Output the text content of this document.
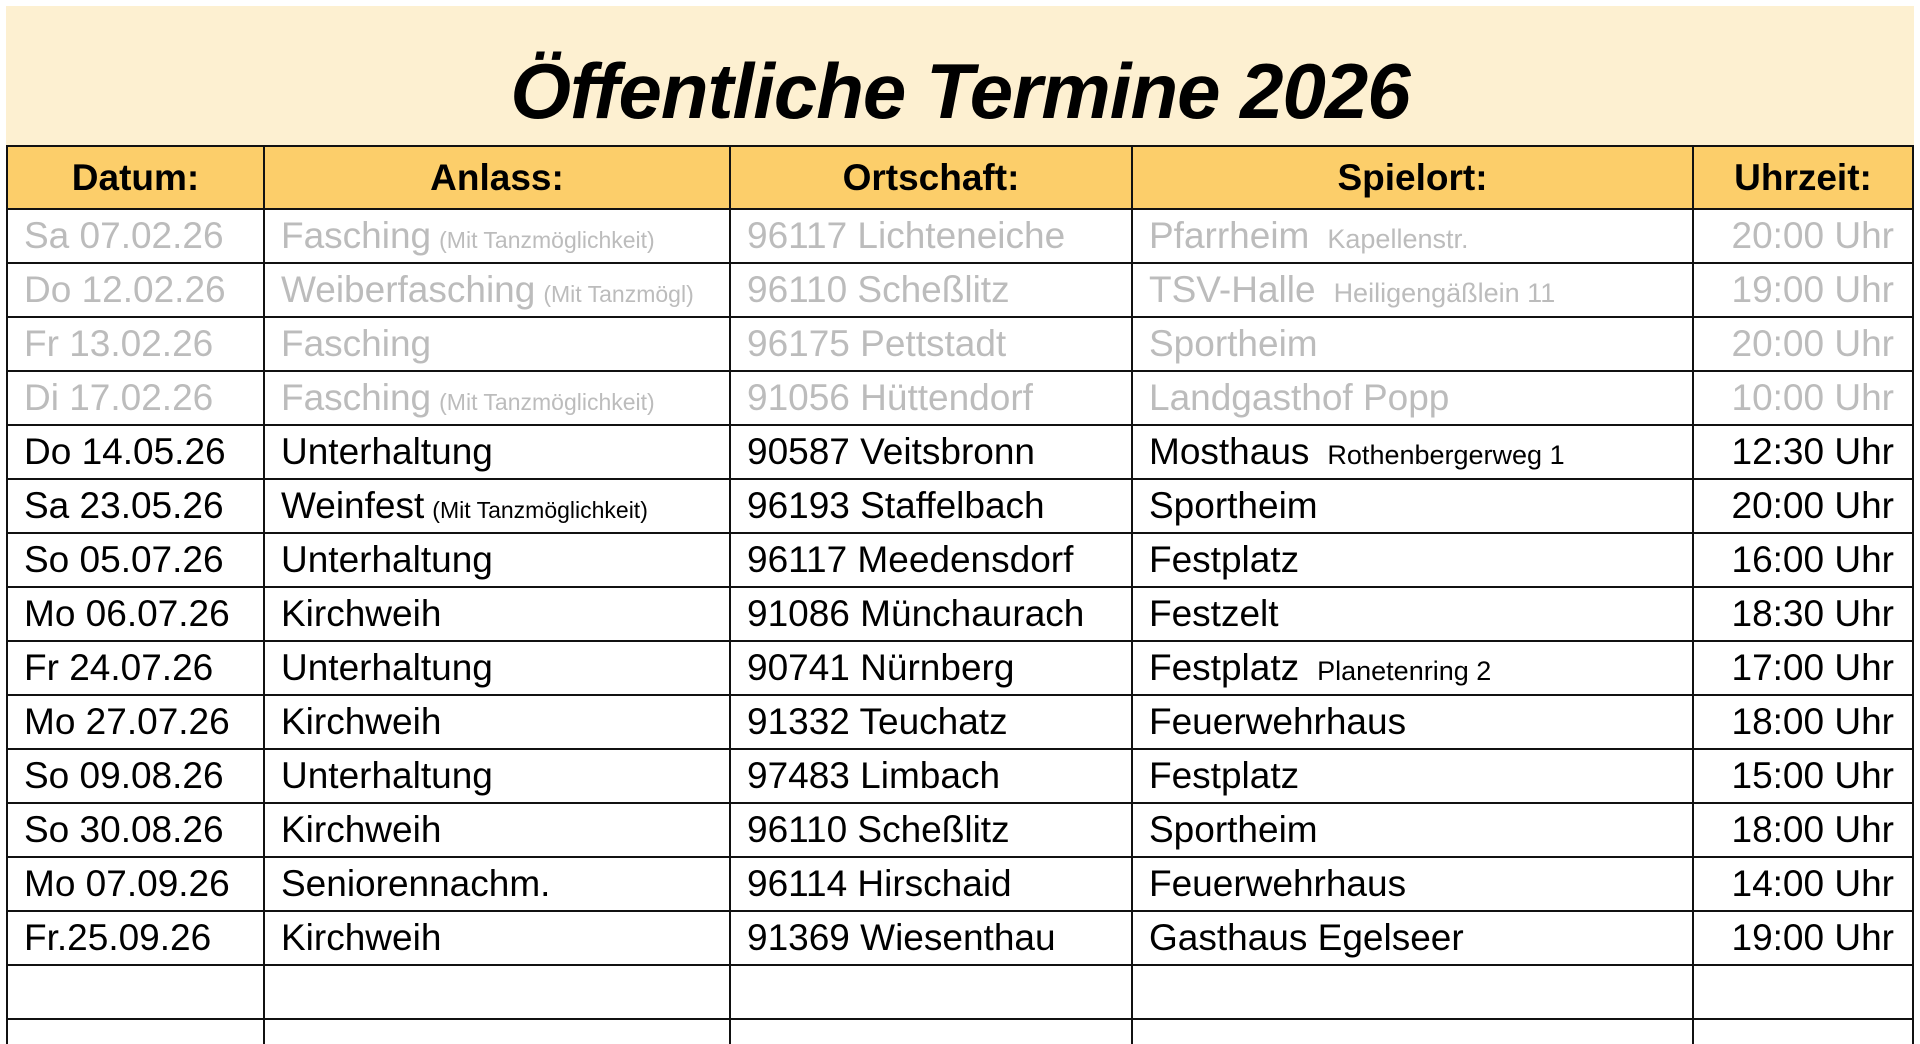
Öffentliche Termine 2026
Datum:	Anlass:	Ortschaft:	Spielort:	Uhrzeit:
Sa 07.02.26	Fasching (Mit Tanzmöglichkeit)	96117 Lichteneiche	Pfarrheim Kapellenstr.	20:00 Uhr
Do 12.02.26	Weiberfasching (Mit Tanzmögl)	96110 Scheßlitz	TSV-Halle Heiligengäßlein 11	19:00 Uhr
Fr 13.02.26	Fasching	96175 Pettstadt	Sportheim	20:00 Uhr
Di 17.02.26	Fasching (Mit Tanzmöglichkeit)	91056 Hüttendorf	Landgasthof Popp	10:00 Uhr
Do 14.05.26	Unterhaltung	90587 Veitsbronn	Mosthaus Rothenbergerweg 1	12:30 Uhr
Sa 23.05.26	Weinfest (Mit Tanzmöglichkeit)	96193 Staffelbach	Sportheim	20:00 Uhr
So 05.07.26	Unterhaltung	96117 Meedensdorf	Festplatz	16:00 Uhr
Mo 06.07.26	Kirchweih	91086 Münchaurach	Festzelt	18:30 Uhr
Fr 24.07.26	Unterhaltung	90741 Nürnberg	Festplatz Planetenring 2	17:00 Uhr
Mo 27.07.26	Kirchweih	91332 Teuchatz	Feuerwehrhaus	18:00 Uhr
So 09.08.26	Unterhaltung	97483 Limbach	Festplatz	15:00 Uhr
So 30.08.26	Kirchweih	96110 Scheßlitz	Sportheim	18:00 Uhr
Mo 07.09.26	Seniorennachm.	96114 Hirschaid	Feuerwehrhaus	14:00 Uhr
Fr.25.09.26	Kirchweih	91369 Wiesenthau	Gasthaus Egelseer	19:00 Uhr
